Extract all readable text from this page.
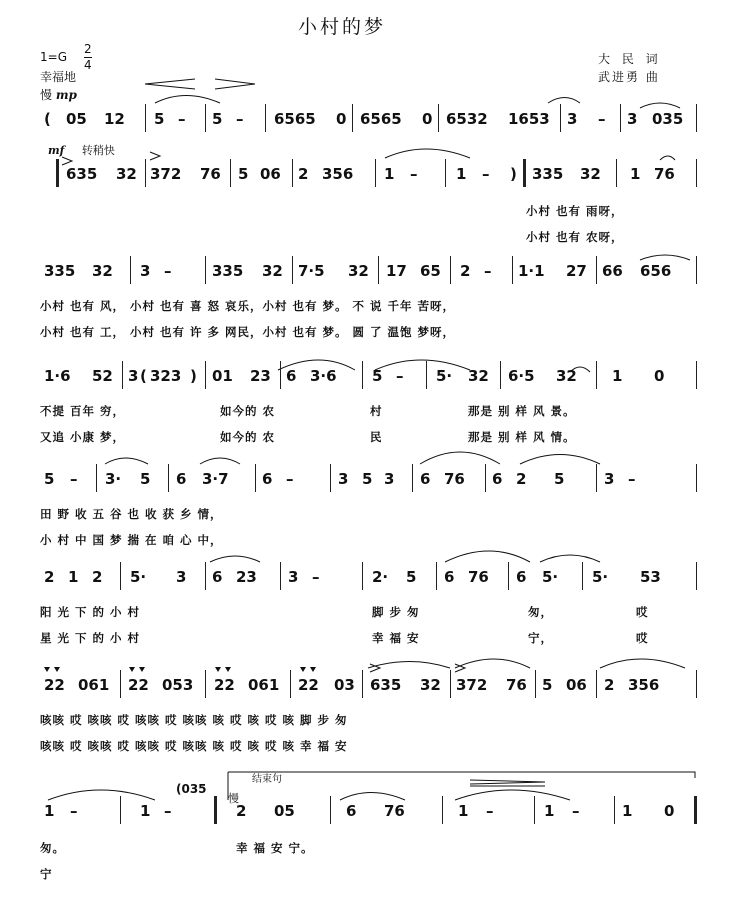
小村的梦
1=G
2
4
幸福地
慢 mp
大 民 词
武进勇 曲
mf 转稍快
结束句
慢
( 05 12 5 – 5 – 6565 0 6565 0 6532 1653 3 – 3 035
635 32 372 76 5 06 2 356 1 –	1 – ) 335 32 1 76
小村 也有 雨呀，
小村 也有 农呀，
335 32 3 –	335 32 7·5 32 17 65 2 – 1·1 27 66 656
小村 也有 风， 小村 也有 喜 怒 哀乐，小村 也有 梦。 不 说 千年 苦呀，
小村 也有 工， 小村 也有 许 多 网民，小村 也有 梦。 圆 了 温饱 梦呀，
1·6 52 3 ( 323 ) 01 23 6 3·6 5 – 5· 32 6·5 32 1 0
不提 百年 穷，	如今的 农	村	那是 别 样 风 景。
又追 小康 梦，	如今的 农	民	那是 别 样 风 情。
5 – 3· 5 6 3·7 6 –	3 5 3 6 76 6 2 5	3 –
田 野 收 五 谷 也 收 获 乡 情，
小 村 中 国 梦 揣 在 咱 心 中，
2 1 2 5· 3 6 23 3 –	2· 5 6 76 6 5· 5· 53
阳 光 下 的 小 村	脚 步 匆	匆，	哎
星 光 下 的 小 村	幸 福 安	宁，	哎
22 061 22 053 22 061 22 03 635 32 372 76 5 06 2 356
咳咳 哎 咳咳 哎 咳咳 哎 咳咳 咳 哎 咳 哎 咳 脚 步 匆
咳咳 哎 咳咳 哎 咳咳 哎 咳咳 咳 哎 咳 哎 咳 幸 福 安
1 –	1 –
(035
2 05	6 76	1 –	1 –	1 0
匆。	幸 福 安 宁。
宁
